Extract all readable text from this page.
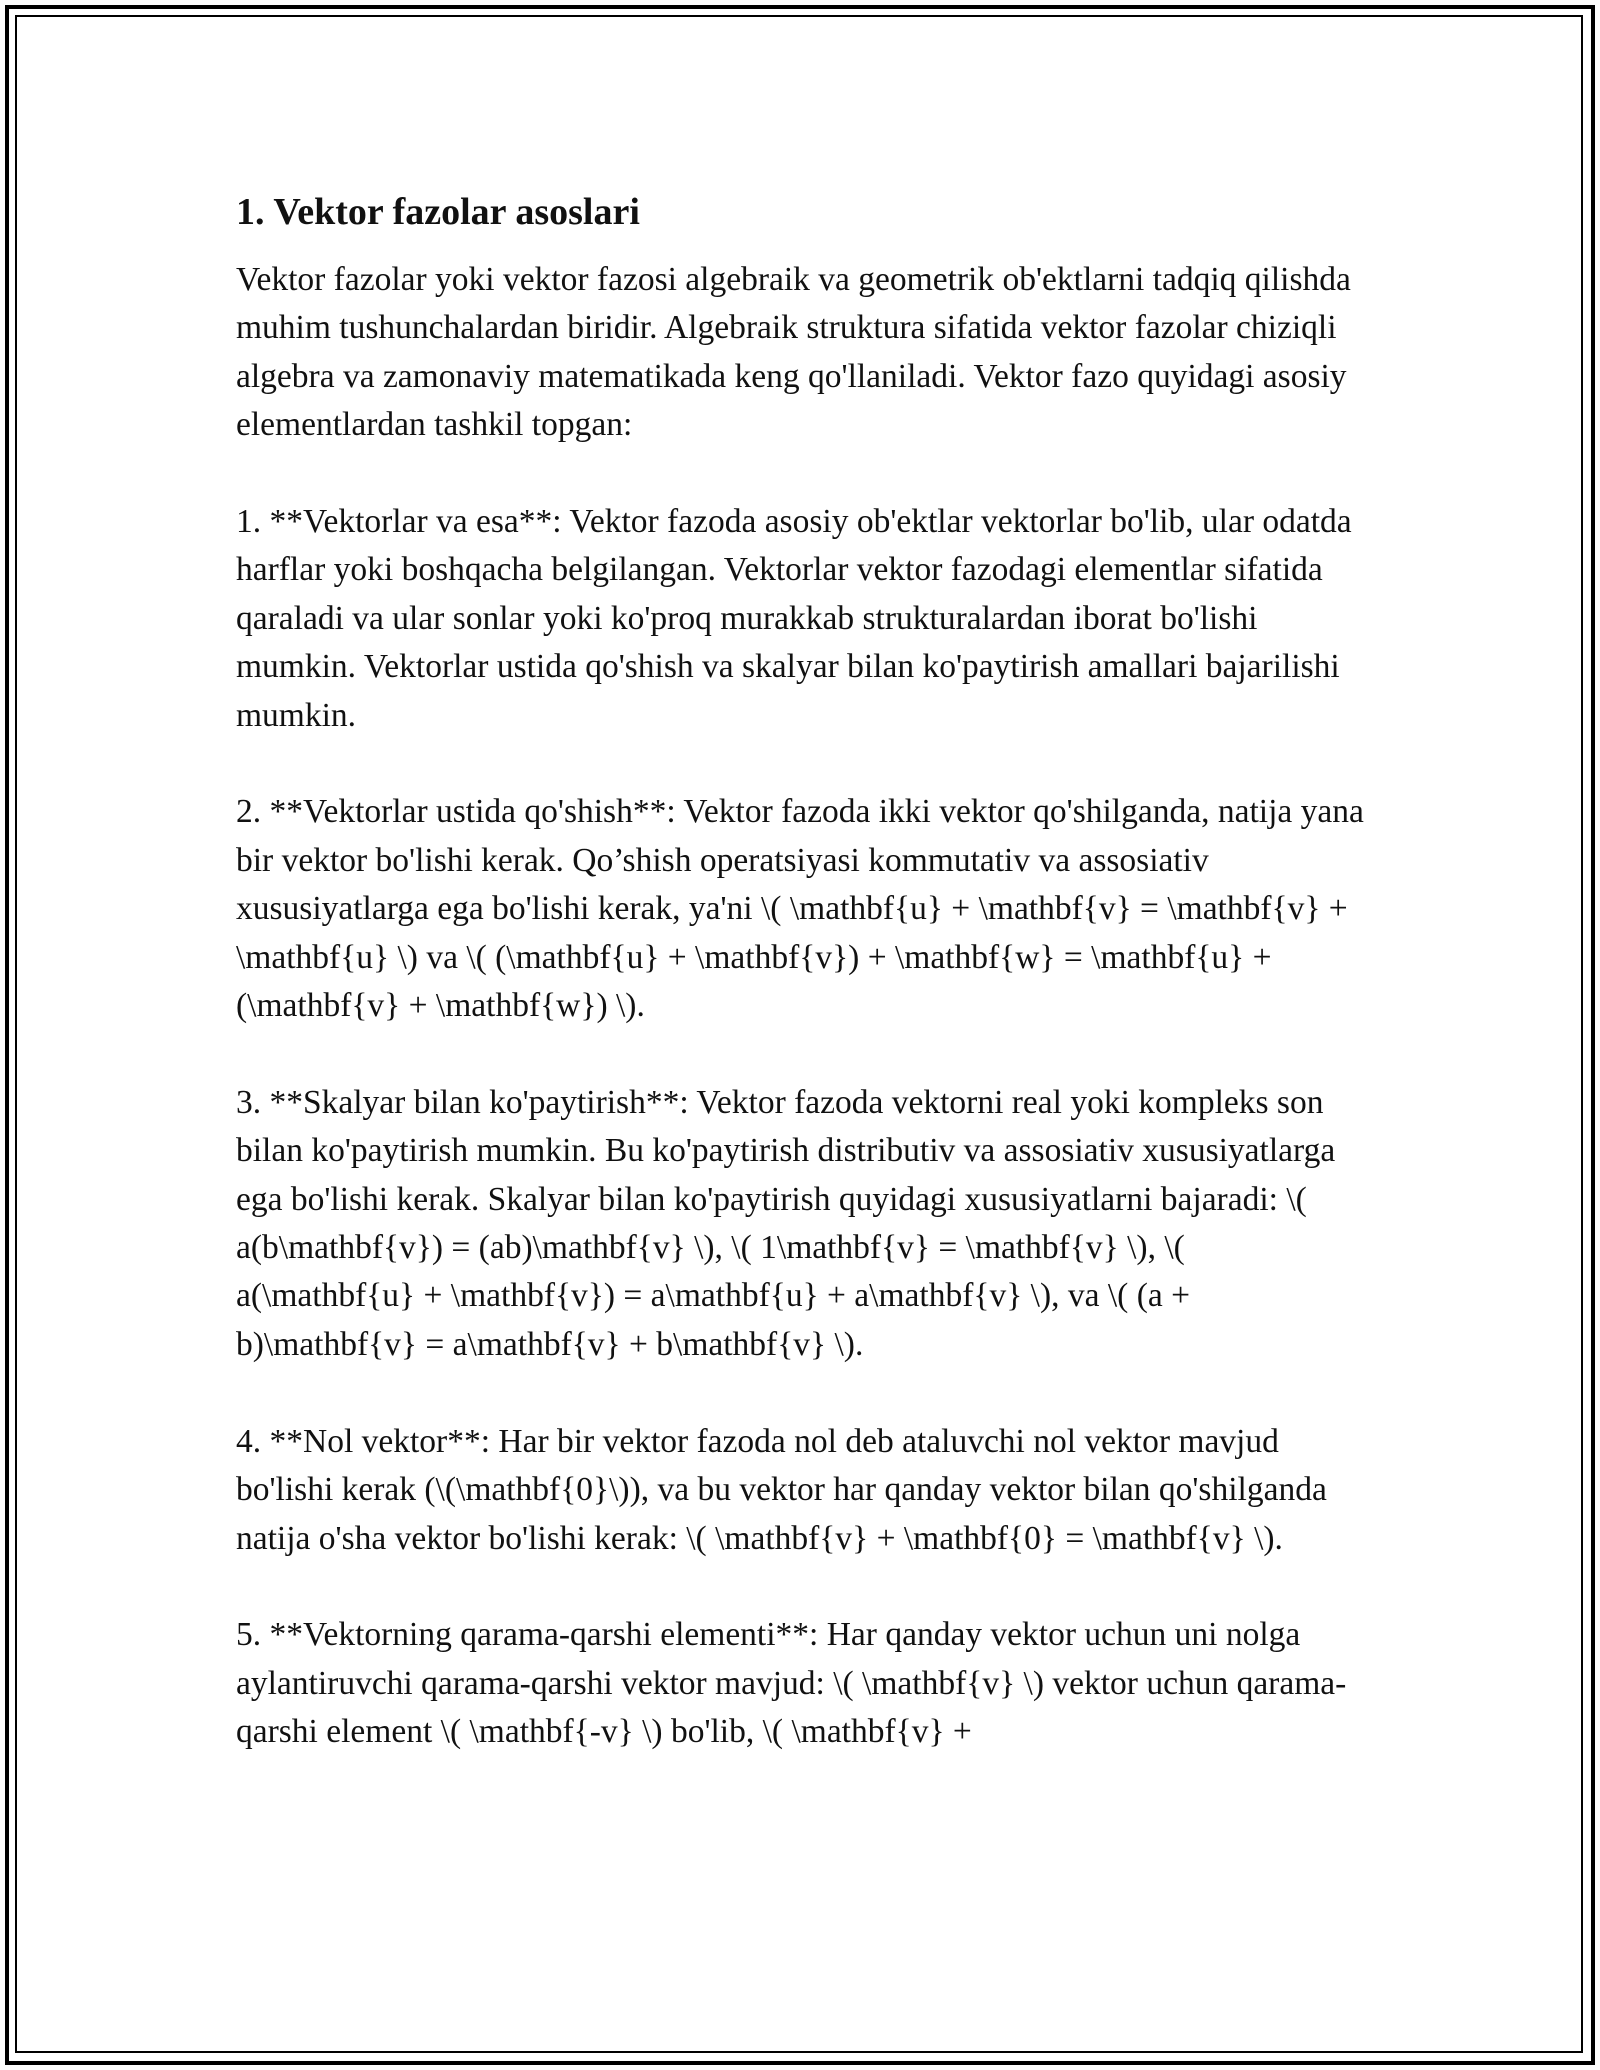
1. Vektor fazolar asoslari

Vektor fazolar yoki vektor fazosi algebraik va geometrik ob'ektlarni tadqiq qilishda muhim tushunchalardan biridir. Algebraik struktura sifatida vektor fazolar chiziqli algebra va zamonaviy matematikada keng qo'llaniladi. Vektor fazo quyidagi asosiy elementlardan tashkil topgan:

1. **Vektorlar va esa**: Vektor fazoda asosiy ob'ektlar vektorlar bo'lib, ular odatda harflar yoki boshqacha belgilangan. Vektorlar vektor fazodagi elementlar sifatida qaraladi va ular sonlar yoki ko'proq murakkab strukturalardan iborat bo'lishi mumkin. Vektorlar ustida qo'shish va skalyar bilan ko'paytirish amallari bajarilishi mumkin.

2. **Vektorlar ustida qo'shish**: Vektor fazoda ikki vektor qo'shilganda, natija yana bir vektor bo'lishi kerak. Qo’shish operatsiyasi kommutativ va assosiativ xususiyatlarga ega bo'lishi kerak, ya'ni \( \mathbf{u} + \mathbf{v} = \mathbf{v} + \mathbf{u} \) va \( (\mathbf{u} + \mathbf{v}) + \mathbf{w} = \mathbf{u} + (\mathbf{v} + \mathbf{w}) \).

3. **Skalyar bilan ko'paytirish**: Vektor fazoda vektorni real yoki kompleks son bilan ko'paytirish mumkin. Bu ko'paytirish distributiv va assosiativ xususiyatlarga ega bo'lishi kerak. Skalyar bilan ko'paytirish quyidagi xususiyatlarni bajaradi: \( a(b\mathbf{v}) = (ab)\mathbf{v} \), \( 1\mathbf{v} = \mathbf{v} \), \( a(\mathbf{u} + \mathbf{v}) = a\mathbf{u} + a\mathbf{v} \), va \( (a + b)\mathbf{v} = a\mathbf{v} + b\mathbf{v} \).

4. **Nol vektor**: Har bir vektor fazoda nol deb ataluvchi nol vektor mavjud bo'lishi kerak (\(\mathbf{0}\)), va bu vektor har qanday vektor bilan qo'shilganda natija o'sha vektor bo'lishi kerak: \( \mathbf{v} + \mathbf{0} = \mathbf{v} \).

5. **Vektorning qarama-qarshi elementi**: Har qanday vektor uchun uni nolga aylantiruvchi qarama-qarshi vektor mavjud: \( \mathbf{v} \) vektor uchun qarama-qarshi element \( \mathbf{-v} \) bo'lib, \( \mathbf{v} +
